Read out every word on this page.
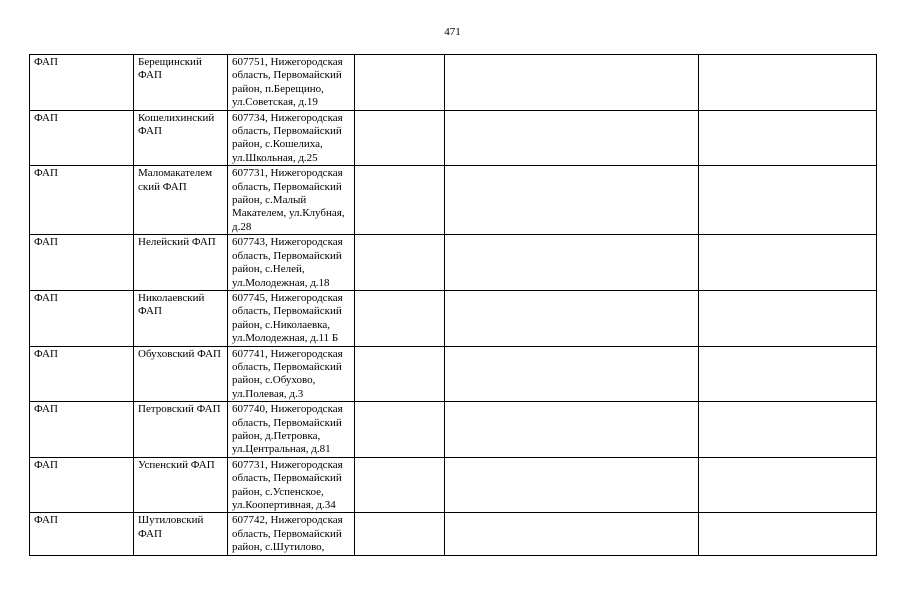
471
ФАП	Берещинский ФАП	607751, Нижегородская область, Первомайский район, п.Берещино, ул.Советская, д.19			
ФАП	Кошелихинский ФАП	607734, Нижегородская область, Первомайский район, с.Кошелиха, ул.Школьная, д.25			
ФАП	Маломакателем ский ФАП	607731, Нижегородская область, Первомайский район, с.Малый Макателем, ул.Клубная, д.28			
ФАП	Нелейский ФАП	607743, Нижегородская область, Первомайский район, с.Нелей, ул.Молодежная, д.18			
ФАП	Николаевский ФАП	607745, Нижегородская область, Первомайский район, с.Николаевка, ул.Молодежная, д.11 Б			
ФАП	Обуховский ФАП	607741, Нижегородская область, Первомайский район, с.Обухово, ул.Полевая, д.3			
ФАП	Петровский ФАП	607740, Нижегородская область, Первомайский район, д.Петровка, ул.Центральная, д.81			
ФАП	Успенский ФАП	607731, Нижегородская область, Первомайский район, с.Успенское, ул.Коопертивная, д.34			
ФАП	Шутиловский ФАП	607742, Нижегородская область, Первомайский район, с.Шутилово,			
